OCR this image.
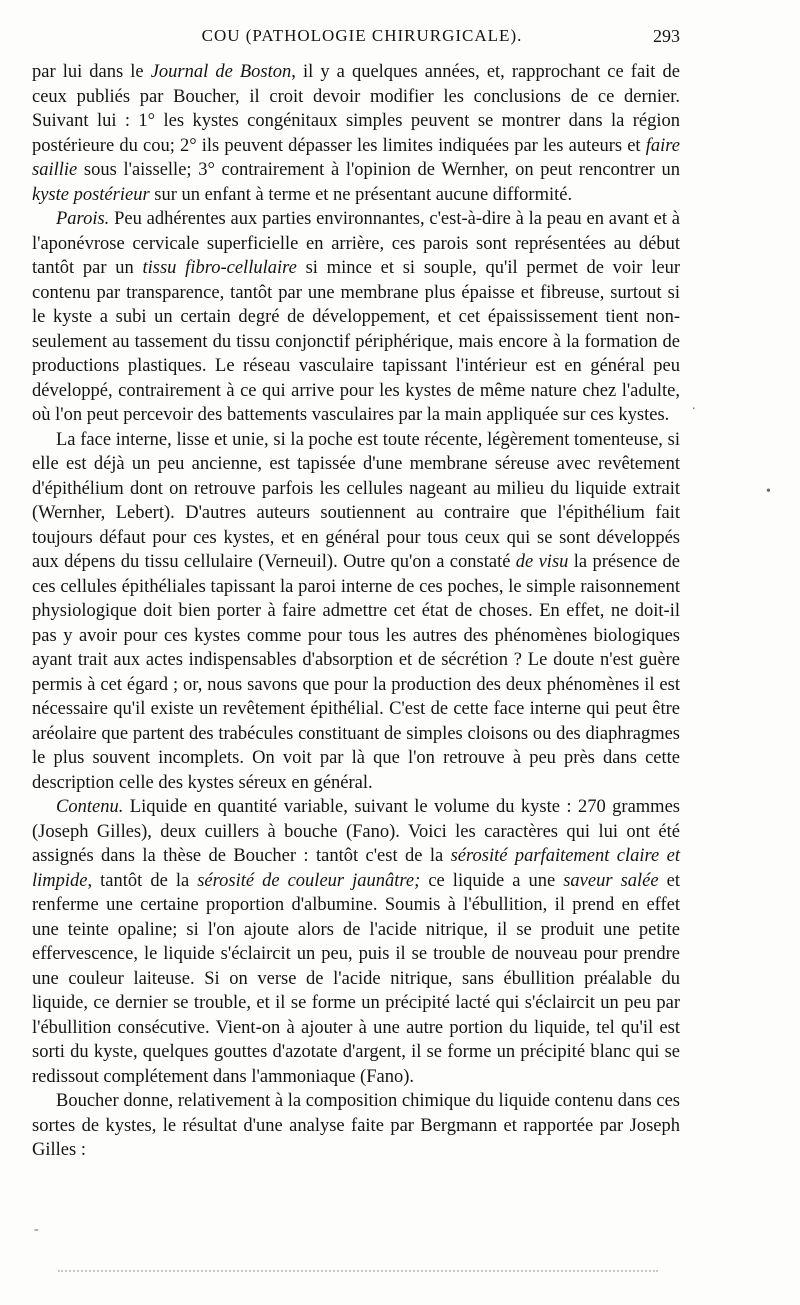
COU (PATHOLOGIE CHIRURGICALE).	293

par lui dans le Journal de Boston, il y a quelques années, et, rapprochant ce fait de ceux publiés par Boucher, il croit devoir modifier les conclusions de ce dernier. Suivant lui : 1° les kystes congénitaux simples peuvent se montrer dans la région postérieure du cou; 2° ils peuvent dépasser les limites indiquées par les auteurs et faire saillie sous l'aisselle; 3° contrairement à l'opinion de Wernher, on peut rencontrer un kyste postérieur sur un enfant à terme et ne présentant aucune difformité.

Parois. Peu adhérentes aux parties environnantes, c'est-à-dire à la peau en avant et à l'aponévrose cervicale superficielle en arrière, ces parois sont représentées au début tantôt par un tissu fibro-cellulaire si mince et si souple, qu'il permet de voir leur contenu par transparence, tantôt par une membrane plus épaisse et fibreuse, surtout si le kyste a subi un certain degré de développement, et cet épaississement tient non-seulement au tassement du tissu conjonctif périphérique, mais encore à la formation de productions plastiques. Le réseau vasculaire tapissant l'intérieur est en général peu développé, contrairement à ce qui arrive pour les kystes de même nature chez l'adulte, où l'on peut percevoir des battements vasculaires par la main appliquée sur ces kystes.

La face interne, lisse et unie, si la poche est toute récente, légèrement tomenteuse, si elle est déjà un peu ancienne, est tapissée d'une membrane séreuse avec revêtement d'épithélium dont on retrouve parfois les cellules nageant au milieu du liquide extrait (Wernher, Lebert). D'autres auteurs soutiennent au contraire que l'épithélium fait toujours défaut pour ces kystes, et en général pour tous ceux qui se sont développés aux dépens du tissu cellulaire (Verneuil). Outre qu'on a constaté de visu la présence de ces cellules épithéliales tapissant la paroi interne de ces poches, le simple raisonnement physiologique doit bien porter à faire admettre cet état de choses. En effet, ne doit-il pas y avoir pour ces kystes comme pour tous les autres des phénomènes biologiques ayant trait aux actes indispensables d'absorption et de sécrétion ? Le doute n'est guère permis à cet égard ; or, nous savons que pour la production des deux phénomènes il est nécessaire qu'il existe un revêtement épithélial. C'est de cette face interne qui peut être aréolaire que partent des trabécules constituant de simples cloisons ou des diaphragmes le plus souvent incomplets. On voit par là que l'on retrouve à peu près dans cette description celle des kystes séreux en général.

Contenu. Liquide en quantité variable, suivant le volume du kyste : 270 grammes (Joseph Gilles), deux cuillers à bouche (Fano). Voici les caractères qui lui ont été assignés dans la thèse de Boucher : tantôt c'est de la sérosité parfaitement claire et limpide, tantôt de la sérosité de couleur jaunâtre; ce liquide a une saveur salée et renferme une certaine proportion d'albumine. Soumis à l'ébullition, il prend en effet une teinte opaline; si l'on ajoute alors de l'acide nitrique, il se produit une petite effervescence, le liquide s'éclaircit un peu, puis il se trouble de nouveau pour prendre une couleur laiteuse. Si on verse de l'acide nitrique, sans ébullition préalable du liquide, ce dernier se trouble, et il se forme un précipité lacté qui s'éclaircit un peu par l'ébullition consécutive. Vient-on à ajouter à une autre portion du liquide, tel qu'il est sorti du kyste, quelques gouttes d'azotate d'argent, il se forme un précipité blanc qui se redissout complétement dans l'ammoniaque (Fano).

Boucher donne, relativement à la composition chimique du liquide contenu dans ces sortes de kystes, le résultat d'une analyse faite par Bergmann et rapportée par Joseph Gilles :

.
•
-
